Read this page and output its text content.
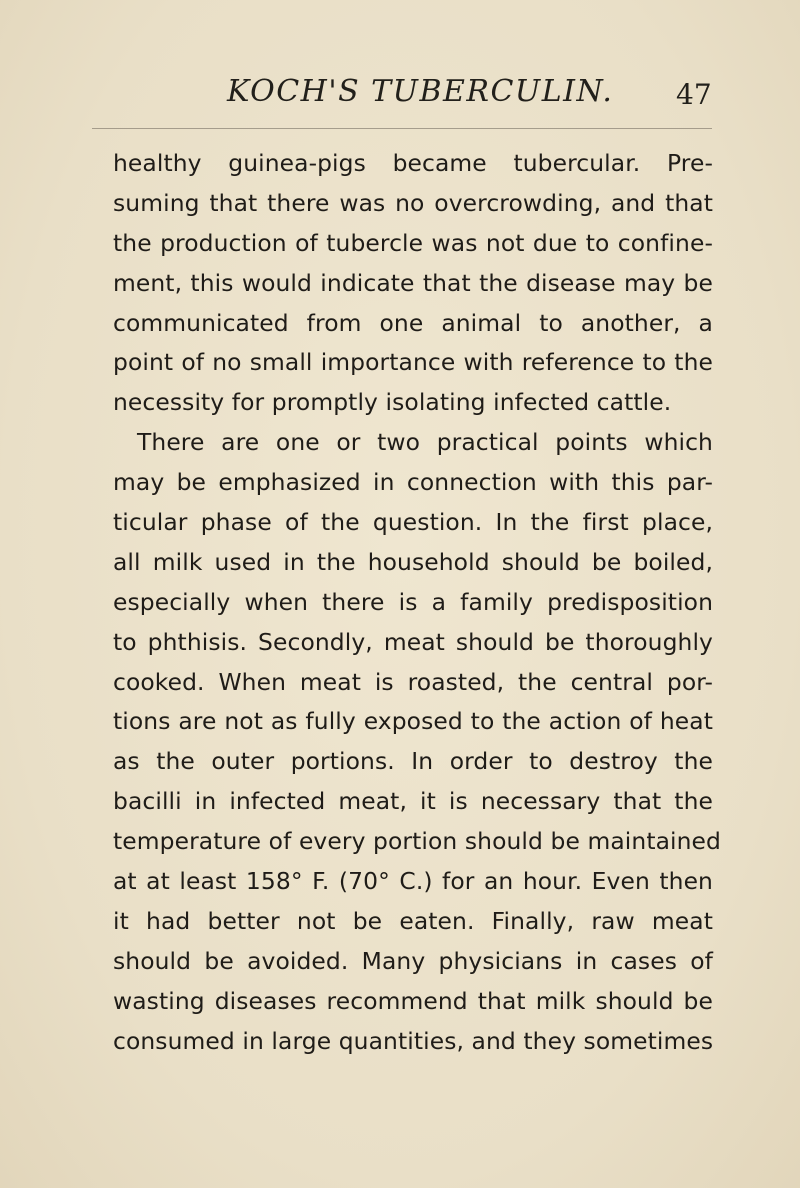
KOCH'S TUBERCULIN. 47
healthy guinea-pigs became tubercular. Pre-
suming that there was no overcrowding, and that
the production of tubercle was not due to confine-
ment, this would indicate that the disease may be
communicated from one animal to another, a
point of no small importance with reference to the
necessity for promptly isolating infected cattle.
There are one or two practical points which
may be emphasized in connection with this par-
ticular phase of the question. In the first place,
all milk used in the household should be boiled,
especially when there is a family predisposition
to phthisis. Secondly, meat should be thoroughly
cooked. When meat is roasted, the central por-
tions are not as fully exposed to the action of heat
as the outer portions. In order to destroy the
bacilli in infected meat, it is necessary that the
temperature of every portion should be maintained
at at least 158° F. (70° C.) for an hour. Even then
it had better not be eaten. Finally, raw meat
should be avoided. Many physicians in cases of
wasting diseases recommend that milk should be
consumed in large quantities, and they sometimes
